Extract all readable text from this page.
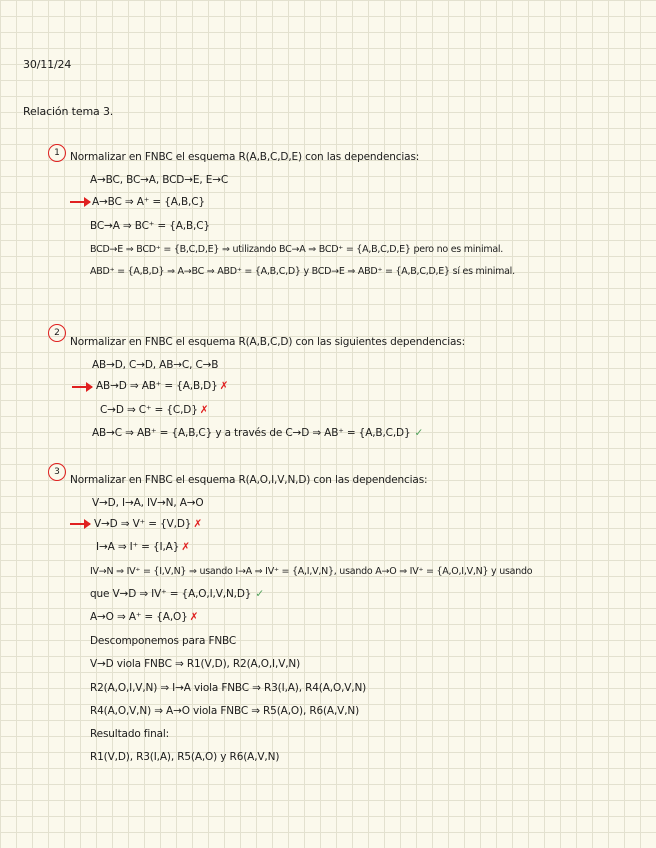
30/11/24
Relación tema 3.
1 Normalizar en FNBC el esquema R(A,B,C,D,E) con las dependencias:
A→BC, BC→A, BCD→E, E→C
A→BC ⇒ A⁺ = {A,B,C}
BC→A ⇒ BC⁺ = {A,B,C}
BCD→E ⇒ BCD⁺ = {B,C,D,E} ⇒ utilizando BC→A ⇒ BCD⁺ = {A,B,C,D,E} pero no es minimal.
ABD⁺ = {A,B,D} ⇒ A→BC ⇒ ABD⁺ = {A,B,C,D} y BCD→E ⇒ ABD⁺ = {A,B,C,D,E} sí es minimal.
2
Normalizar en FNBC el esquema R(A,B,C,D) con las siguientes dependencias:
AB→D, C→D, AB→C, C→B
AB→D ⇒ AB⁺ = {A,B,D} ✗
C→D ⇒ C⁺ = {C,D} ✗
AB→C ⇒ AB⁺ = {A,B,C} y a través de C→D ⇒ AB⁺ = {A,B,C,D} ✓
3
Normalizar en FNBC el esquema R(A,O,I,V,N,D) con las dependencias:
V→D, I→A, IV→N, A→O
V→D ⇒ V⁺ = {V,D} ✗
I→A ⇒ I⁺ = {I,A} ✗
IV→N ⇒ IV⁺ = {I,V,N} ⇒ usando I→A ⇒ IV⁺ = {A,I,V,N}, usando A→O ⇒ IV⁺ = {A,O,I,V,N} y usando
que V→D ⇒ IV⁺ = {A,O,I,V,N,D} ✓
A→O ⇒ A⁺ = {A,O} ✗
Descomponemos para FNBC
V→D viola FNBC ⇒ R1(V,D), R2(A,O,I,V,N)
R2(A,O,I,V,N) ⇒ I→A viola FNBC ⇒ R3(I,A), R4(A,O,V,N)
R4(A,O,V,N) ⇒ A→O viola FNBC ⇒ R5(A,O), R6(A,V,N)
Resultado final:
R1(V,D), R3(I,A), R5(A,O) y R6(A,V,N)
